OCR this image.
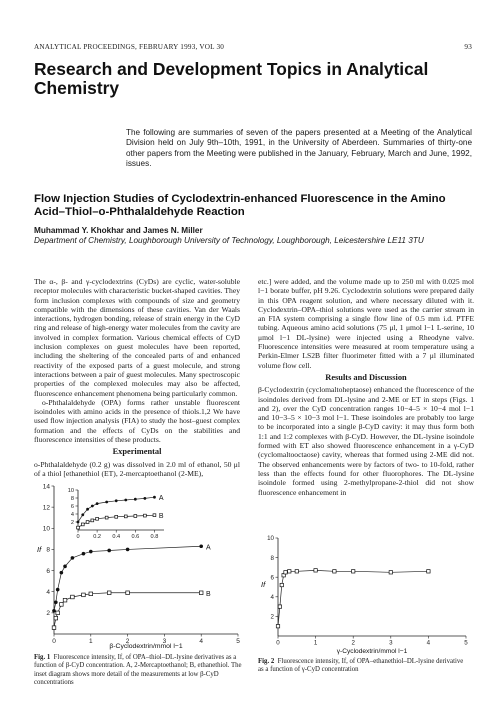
ANALYTICAL PROCEEDINGS, FEBRUARY 1993, VOL 30	93
Research and Development Topics in Analytical Chemistry

The following are summaries of seven of the papers presented at a Meeting of the Analytical Division held on July 9th–10th, 1991, in the University of Aberdeen. Summaries of thirty-one other papers from the Meeting were published in the January, February, March and June, 1992, issues.

Flow Injection Studies of Cyclodextrin-enhanced Fluorescence in the Amino Acid–Thiol–o-Phthalaldehyde Reaction
Muhammad Y. Khokhar and James N. Miller
Department of Chemistry, Loughborough University of Technology, Loughborough, Leicestershire LE11 3TU

The α-, β- and γ-cyclodextrins (CyDs) are cyclic, water-soluble receptor molecules with characteristic bucket-shaped cavities. They form inclusion complexes with compounds of size and geometry compatible with the dimensions of these cavities. Van der Waals interactions, hydrogen bonding, release of strain energy in the CyD ring and release of high-energy water molecules from the cavity are involved in complex formation. Various chemical effects of CyD inclusion complexes on guest molecules have been reported, including the sheltering of the concealed parts of and enhanced reactivity of the exposed parts of a guest molecule, and strong interactions between a pair of guest molecules. Many spectroscopic properties of the complexed molecules may also be affected, fluorescence enhancement phenomena being particularly common.

o-Phthalaldehyde (OPA) forms rather unstable fluorescent isoindoles with amino acids in the presence of thiols.1,2 We have used flow injection analysis (FIA) to study the host–guest complex formation and the effects of CyDs on the stabilities and fluorescence intensities of these products.

Experimental

o-Phthalaldehyde (0.2 g) was dissolved in 2.0 ml of ethanol, 50 μl of a thiol [ethanethiol (ET), 2-mercaptoethanol (2-ME),

etc.] were added, and the volume made up to 250 ml with 0.025 mol l−1 borate buffer, pH 9.26. Cyclodextrin solutions were prepared daily in this OPA reagent solution, and where necessary diluted with it. Cyclodextrin–OPA–thiol solutions were used as the carrier stream in an FIA system comprising a single flow line of 0.5 mm i.d. PTFE tubing. Aqueous amino acid solutions (75 μl, 1 μmol l−1 L-serine, 10 μmol l−1 DL-lysine) were injected using a Rheodyne valve. Fluorescence intensities were measured at room temperature using a Perkin-Elmer LS2B filter fluorimeter fitted with a 7 μl illuminated volume flow cell.

Results and Discussion

β-Cyclodextrin (cyclomaltoheptaose) enhanced the fluorescence of the isoindoles derived from DL-lysine and 2-ME or ET in steps (Figs. 1 and 2), over the CyD concentration ranges 10−4–5 × 10−4 mol l−1 and 10−3–5 × 10−3 mol l−1. These isoindoles are probably too large to be incorporated into a single β-CyD cavity: it may thus form both 1:1 and 1:2 complexes with β-CyD. However, the DL-lysine isoindole formed with ET also showed fluorescence enhancement in a γ-CyD (cyclomaltooctaose) cavity, whereas that formed using 2-ME did not. The observed enhancements were by factors of two- to 10-fold, rather less than the effects found for other fluorophores. The DL-lysine isoindole formed using 2-methylpropane-2-thiol did not show fluorescence enhancement in

0	1	2	3	4	5
2
4
6
8
10
12
14
If
β-Cyclodextrin/mmol l−1
A
B
0 0.2 0.4 0.6 0.8
2
4
6
8
10
A
B
0	1	2	3	4	5
2
4
6
8
10
If
γ-Cyclodextrin/mmol l−1
Fig. 1 Fluorescence intensity, If, of OPA–thiol–DL-lysine derivatives as a function of β-CyD concentration. A, 2-Mercaptoethanol; B, ethanethiol. The inset diagram shows more detail of the measurements at low β-CyD concentrations
Fig. 2 Fluorescence intensity, If, of OPA–ethanethiol–DL-lysine derivative as a function of γ-CyD concentration
